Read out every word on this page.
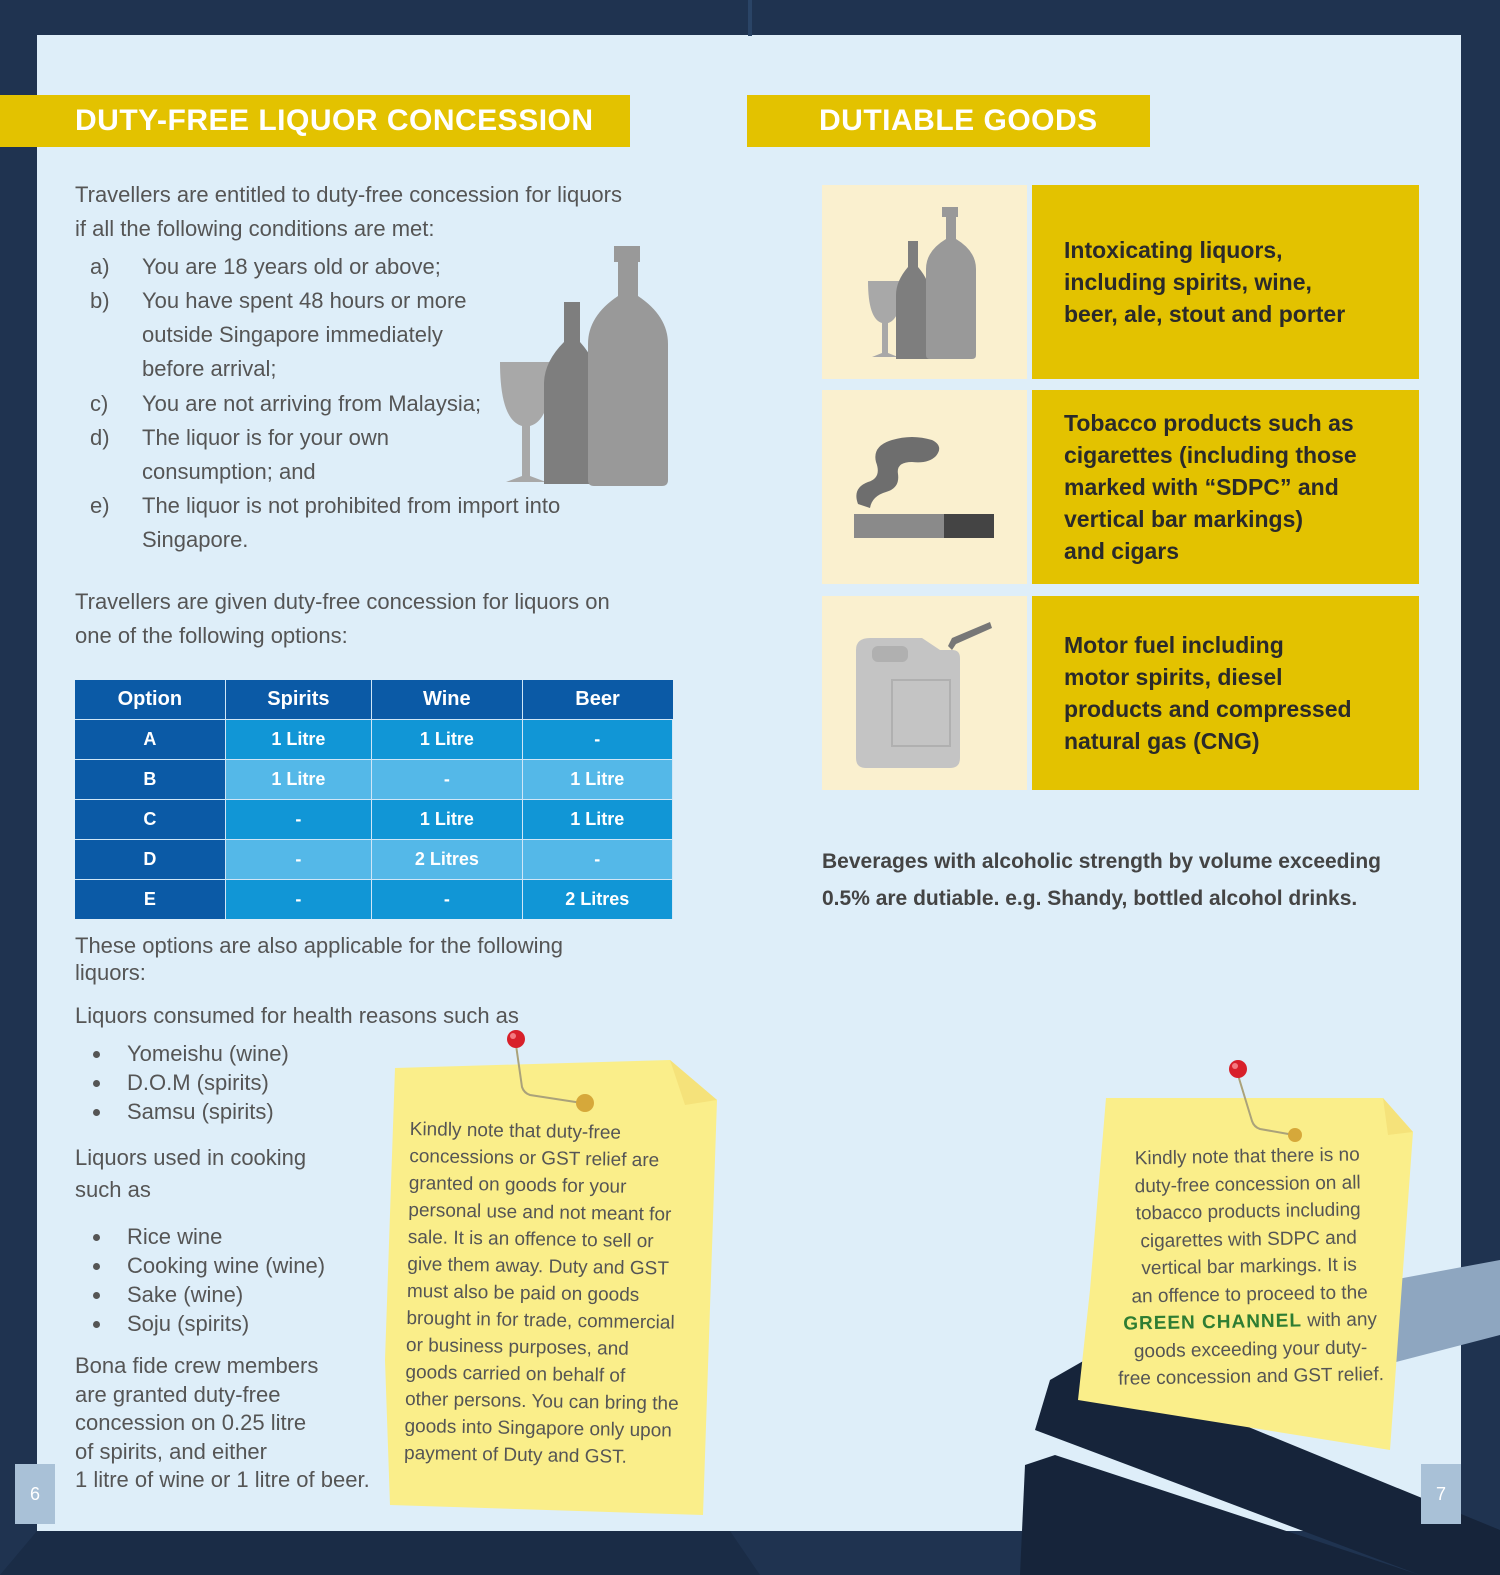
DUTY-FREE LIQUOR CONCESSION
Travellers are entitled to duty-free concession for liquors
if all the following conditions are met:
a) You are 18 years old or above;
b) You have spent 48 hours or more
outside Singapore immediately
before arrival;
c) You are not arriving from Malaysia;
d) The liquor is for your own
consumption; and
e) The liquor is not prohibited from import into
Singapore.
Travellers are given duty-free concession for liquors on
one of the following options:
Option	Spirits	Wine	Beer
A	1 Litre	1 Litre	-
B	1 Litre	-	1 Litre
C	-	1 Litre	1 Litre
D	-	2 Litres	-
E	-	-	2 Litres
These options are also applicable for the following
liquors:
Liquors consumed for health reasons such as
Yomeishu (wine)
D.O.M (spirits)
Samsu (spirits)
Liquors used in cooking
such as
Rice wine
Cooking wine (wine)
Sake (wine)
Soju (spirits)
Bona fide crew members
are granted duty-free
concession on 0.25 litre
of spirits, and either
1 litre of wine or 1 litre of beer.
Kindly note that duty-free
concessions or GST relief are
granted on goods for your
personal use and not meant for
sale. It is an offence to sell or
give them away. Duty and GST
must also be paid on goods
brought in for trade, commercial
or business purposes, and
goods carried on behalf of
other persons. You can bring the
goods into Singapore only upon
payment of Duty and GST.
6
DUTIABLE GOODS
Intoxicating liquors,
including spirits, wine,
beer, ale, stout and porter
Tobacco products such as
cigarettes (including those
marked with “SDPC” and
vertical bar markings)
and cigars
Motor fuel including
motor spirits, diesel
products and compressed
natural gas (CNG)
Beverages with alcoholic strength by volume exceeding
0.5% are dutiable. e.g. Shandy, bottled alcohol drinks.
Kindly note that there is no
duty-free concession on all
tobacco products including
cigarettes with SDPC and
vertical bar markings. It is
an offence to proceed to the
GREEN CHANNEL with any
goods exceeding your duty-
free concession and GST relief.
7
